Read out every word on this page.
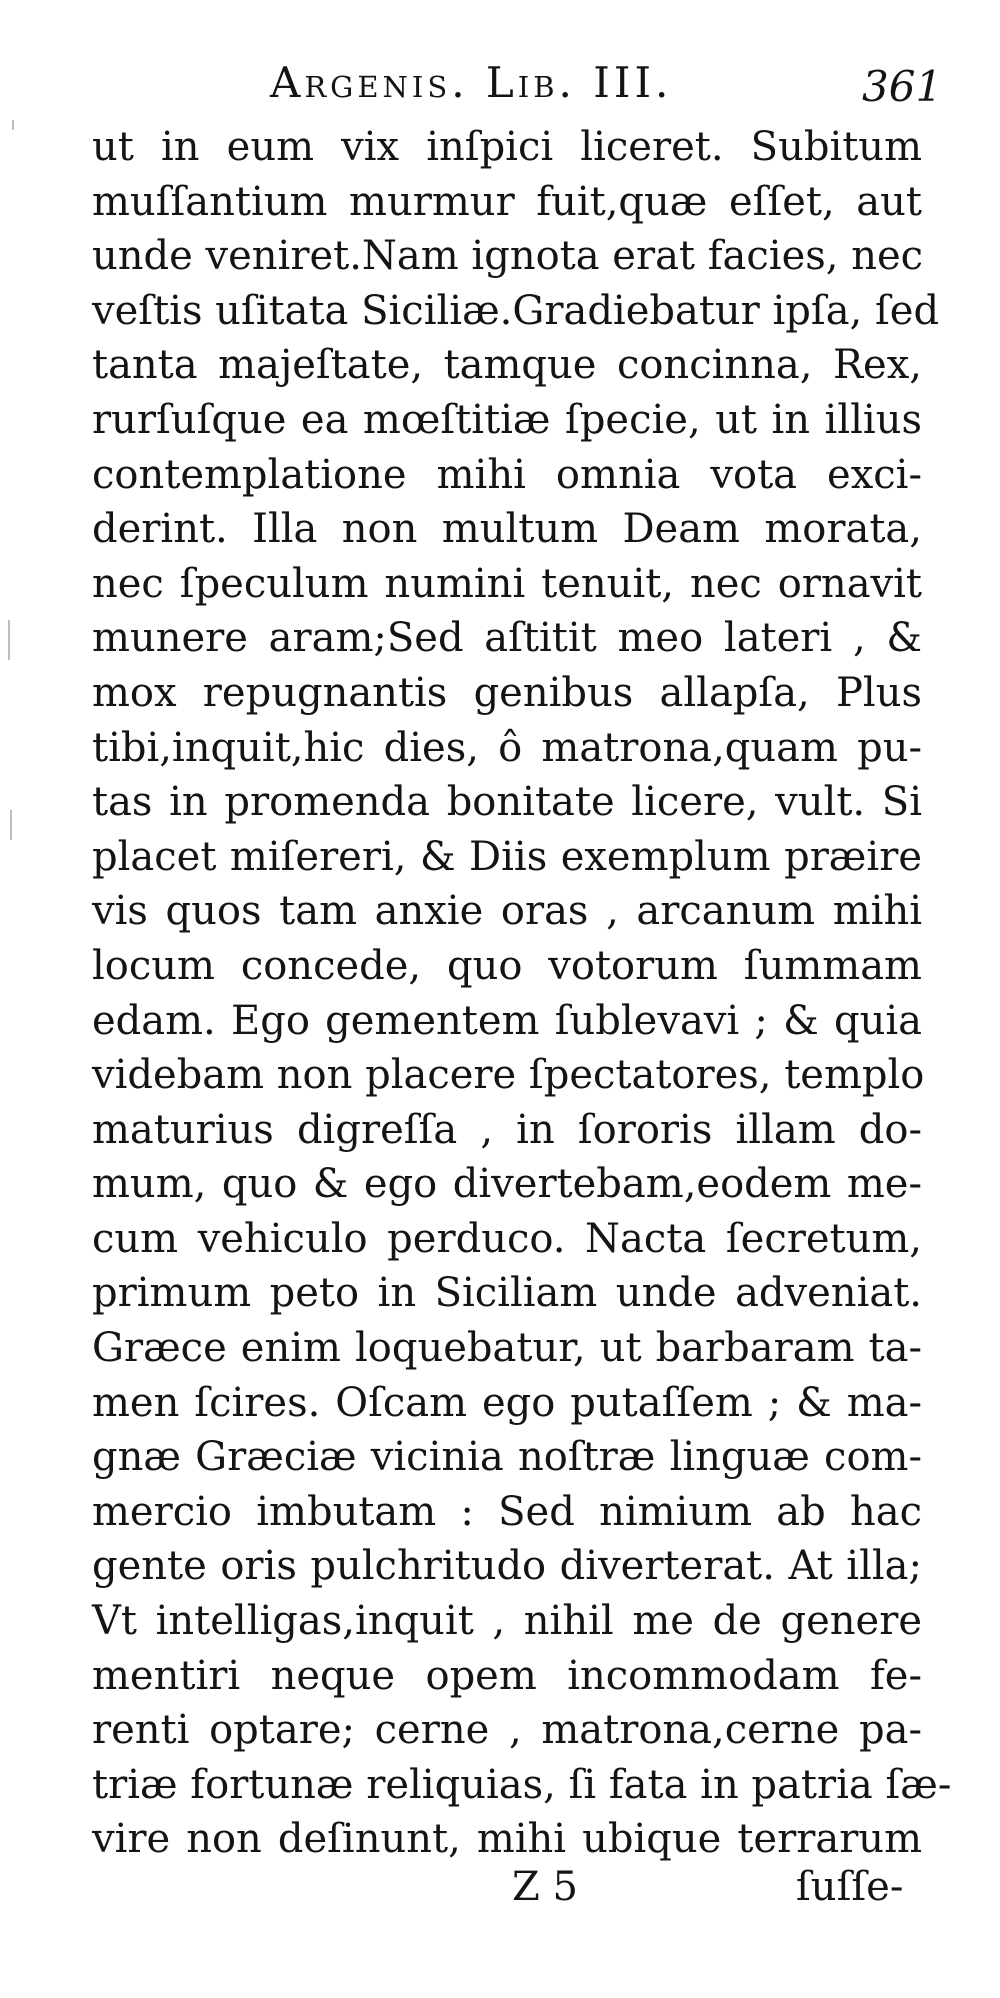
Argenis. Lib. III.	361
ut in eum vix inſpici liceret. Subitum
muſſantium murmur fuit,quæ eſſet, aut
unde veniret.Nam ignota erat facies, nec
veſtis uſitata Siciliæ.Gradiebatur ipſa, ſed
tanta majeſtate, tamque concinna, Rex,
rurſuſque ea mœſtitiæ ſpecie, ut in illius
contemplatione mihi omnia vota exci-
derint. Illa non multum Deam morata,
nec ſpeculum numini tenuit, nec ornavit
munere aram;Sed aſtitit meo lateri , &
mox repugnantis genibus allapſa, Plus
tibi,inquit,hic dies, ô matrona,quam pu-
tas in promenda bonitate licere, vult. Si
placet miſereri, & Diis exemplum præire
vis quos tam anxie oras , arcanum mihi
locum concede, quo votorum ſummam
edam. Ego gementem ſublevavi ; & quia
videbam non placere ſpectatores, templo
maturius digreſſa , in ſororis illam do-
mum, quo & ego divertebam,eodem me-
cum vehiculo perduco. Nacta ſecretum,
primum peto in Siciliam unde adveniat.
Græce enim loquebatur, ut barbaram ta-
men ſcires. Oſcam ego putaſſem ; & ma-
gnæ Græciæ vicinia noſtræ linguæ com-
mercio imbutam : Sed nimium ab hac
gente oris pulchritudo diverterat. At illa;
Vt intelligas,inquit , nihil me de genere
mentiri neque opem incommodam fe-
renti optare; cerne , matrona,cerne pa-
triæ fortunæ reliquias, ſi fata in patria ſæ-
vire non deſinunt, mihi ubique terrarum
Z 5	ſuſſe-
